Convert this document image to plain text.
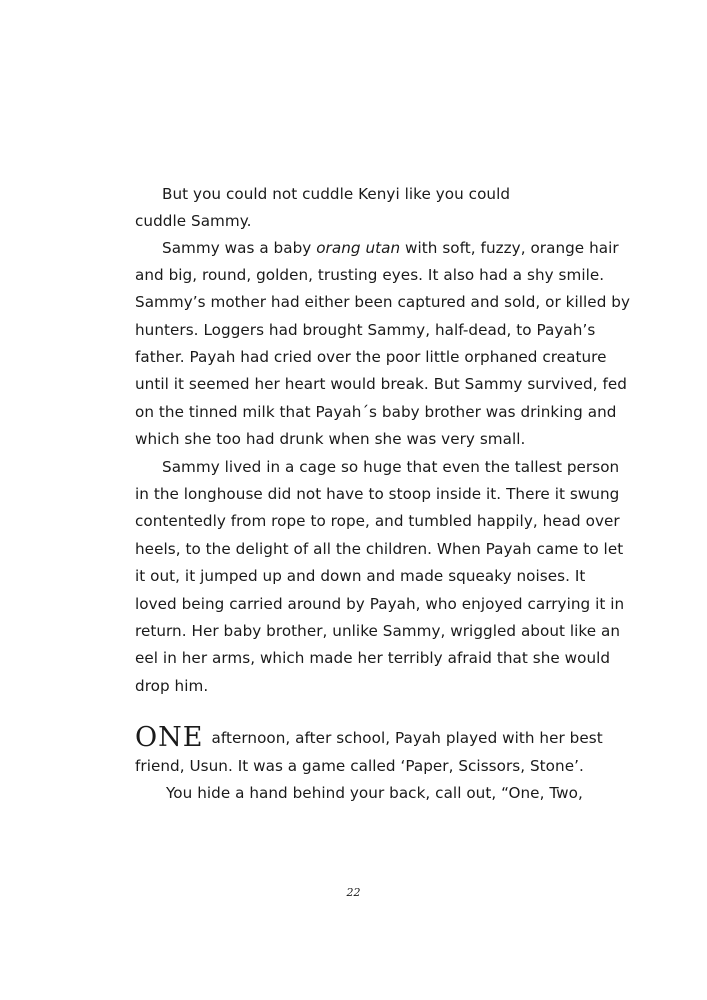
But you could not cuddle Kenyi like you could
cuddle Sammy.
Sammy was a baby orang utan with soft, fuzzy, orange hair
and big, round, golden, trusting eyes. It also had a shy smile.
Sammy’s mother had either been captured and sold, or killed by
hunters. Loggers had brought Sammy, half-dead, to Payah’s
father. Payah had cried over the poor little orphaned creature
until it seemed her heart would break. But Sammy survived, fed
on the tinned milk that Payah´s baby brother was drinking and
which she too had drunk when she was very small.
Sammy lived in a cage so huge that even the tallest person
in the longhouse did not have to stoop inside it. There it swung
contentedly from rope to rope, and tumbled happily, head over
heels, to the delight of all the children. When Payah came to let
it out, it jumped up and down and made squeaky noises. It
loved being carried around by Payah, who enjoyed carrying it in
return. Her baby brother, unlike Sammy, wriggled about like an
eel in her arms, which made her terribly afraid that she would
drop him.
ONE afternoon, after school, Payah played with her best
friend, Usun. It was a game called ‘Paper, Scissors, Stone’.
You hide a hand behind your back, call out, “One, Two,
22
